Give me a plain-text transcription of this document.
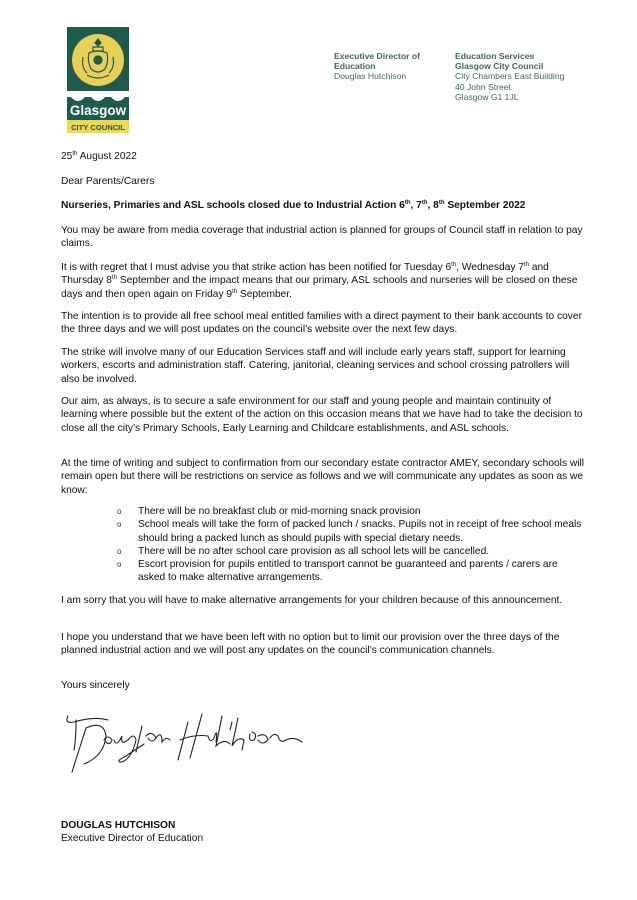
Glasgow
CITY COUNCIL
Executive Director of
Education
Douglas Hutchison
Education Services
Glasgow City Council
City Chambers East Building
40 John Street
Glasgow G1 1JL

25th August 2022

Dear Parents/Carers

Nurseries, Primaries and ASL schools closed due to Industrial Action 6th, 7th, 8th September 2022

You may be aware from media coverage that industrial action is planned for groups of Council staff in relation to pay claims.

It is with regret that I must advise you that strike action has been notified for Tuesday 6th, Wednesday 7th and Thursday 8th September and the impact means that our primary, ASL schools and nurseries will be closed on these days and then open again on Friday 9th September.

The intention is to provide all free school meal entitled families with a direct payment to their bank accounts to cover the three days and we will post updates on the council’s website over the next few days.

The strike will involve many of our Education Services staff and will include early years staff, support for learning workers, escorts and administration staff. Catering, janitorial, cleaning services and school crossing patrollers will also be involved.

Our aim, as always, is to secure a safe environment for our staff and young people and maintain continuity of learning where possible but the extent of the action on this occasion means that we have had to take the decision to close all the city’s Primary Schools, Early Learning and Childcare establishments, and ASL schools.

At the time of writing and subject to confirmation from our secondary estate contractor AMEY, secondary schools will remain open but there will be restrictions on service as follows and we will communicate any updates as soon as we know:

o There will be no breakfast club or mid-morning snack provision
o School meals will take the form of packed lunch / snacks. Pupils not in receipt of free school meals should bring a packed lunch as should pupils with special dietary needs.
o There will be no after school care provision as all school lets will be cancelled.
o Escort provision for pupils entitled to transport cannot be guaranteed and parents / carers are asked to make alternative arrangements.

I am sorry that you will have to make alternative arrangements for your children because of this announcement.

I hope you understand that we have been left with no option but to limit our provision over the three days of the planned industrial action and we will post any updates on the council’s communication channels.

Yours sincerely

DOUGLAS HUTCHISON
Executive Director of Education
